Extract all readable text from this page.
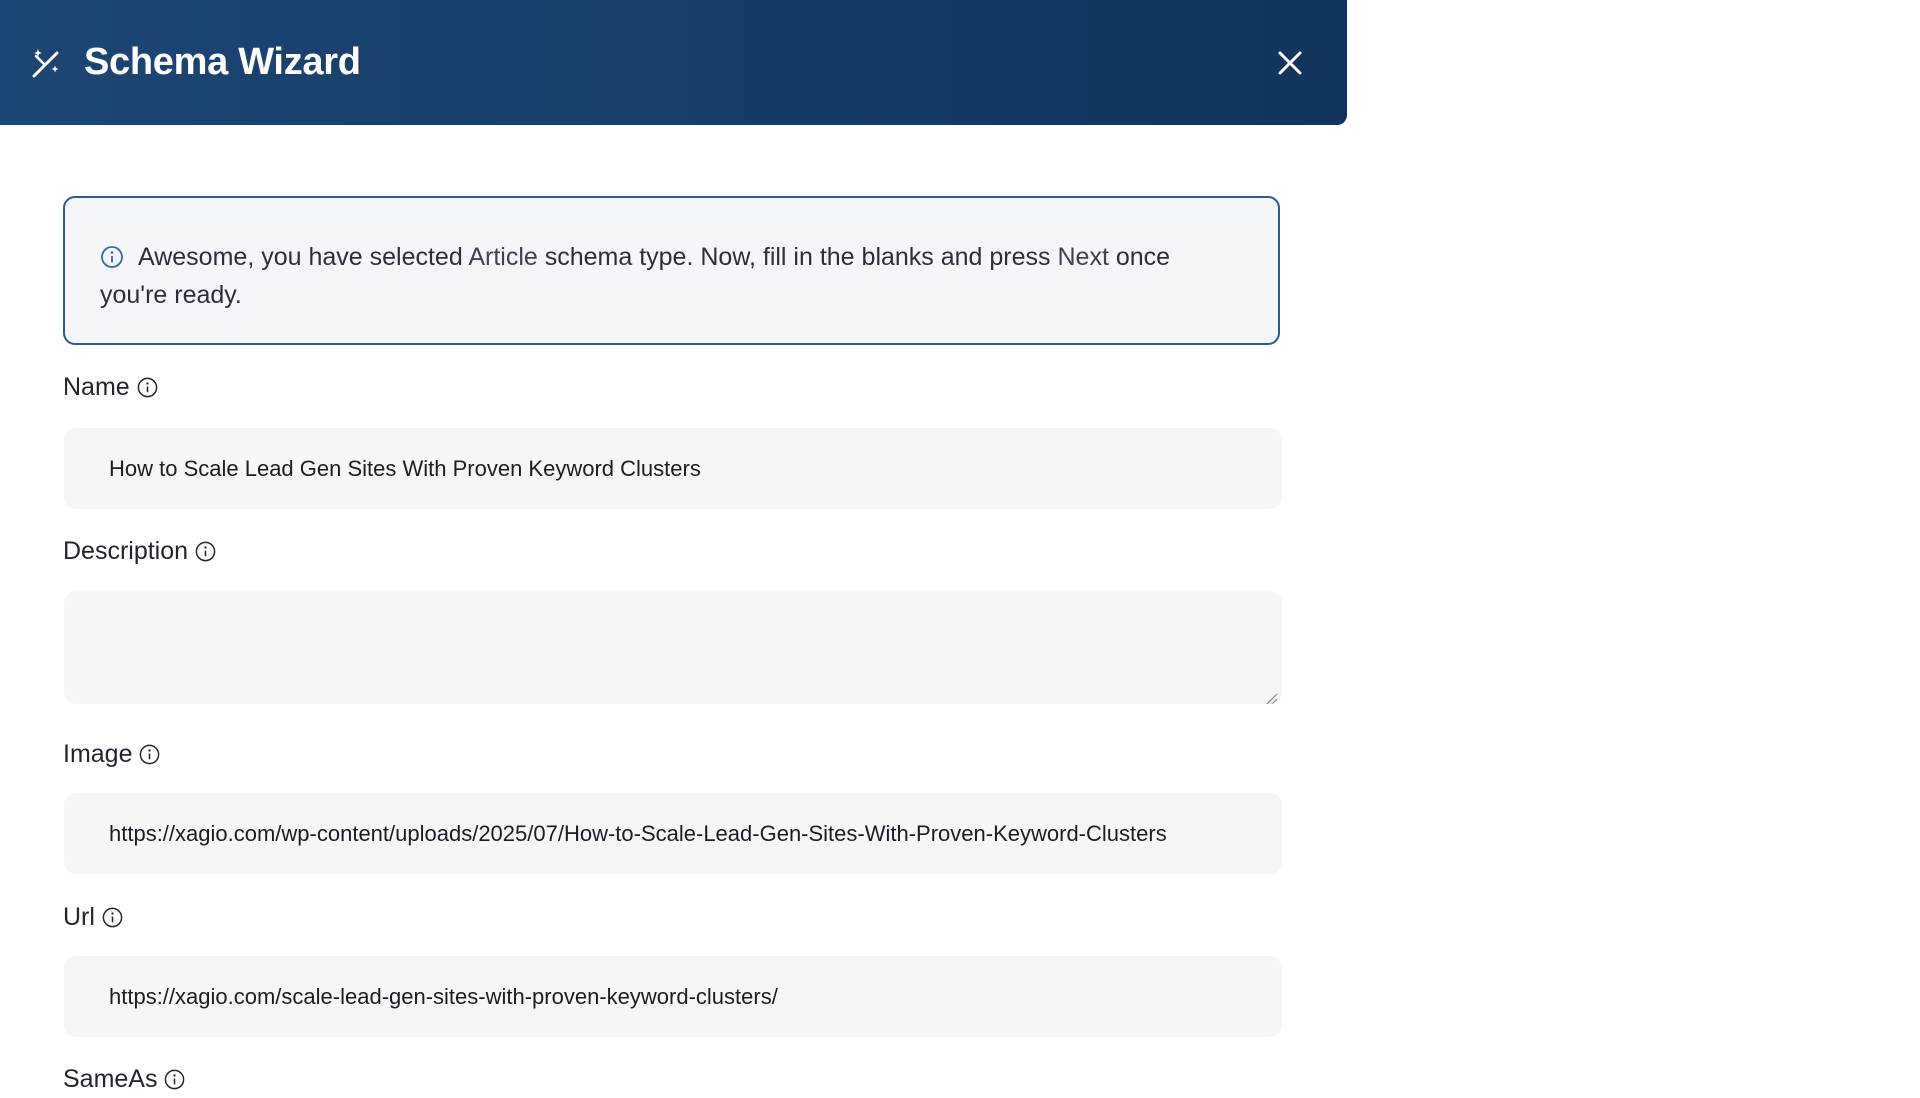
Schema Wizard
Awesome, you have selected Article schema type. Now, fill in the blanks and press Next once you're ready.
Name
How to Scale Lead Gen Sites With Proven Keyword Clusters
Description
Image
https://xagio.com/wp-content/uploads/2025/07/How-to-Scale-Lead-Gen-Sites-With-Proven-Keyword-Clusters
Url
https://xagio.com/scale-lead-gen-sites-with-proven-keyword-clusters/
SameAs
